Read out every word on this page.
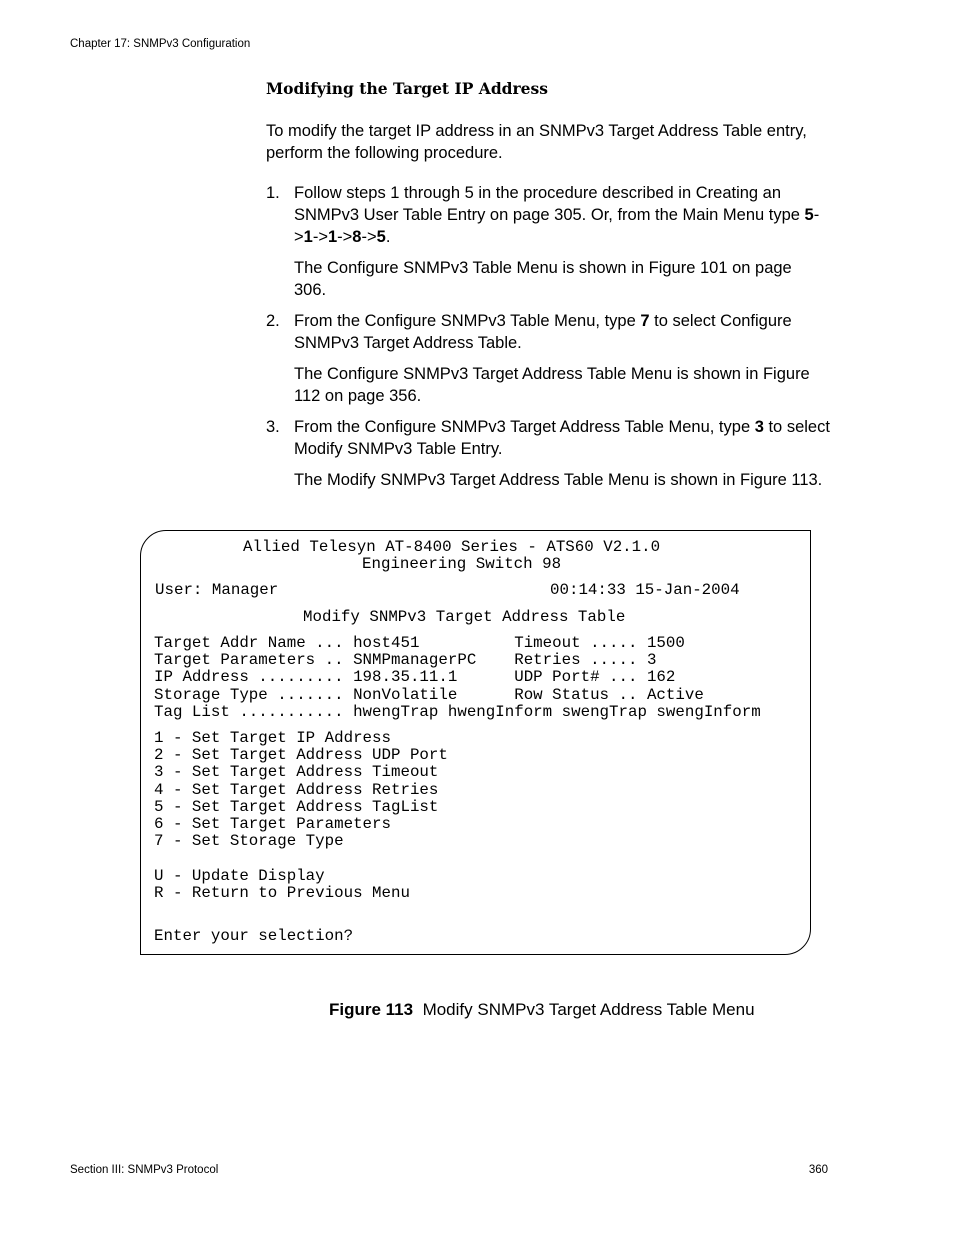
Chapter 17: SNMPv3 Configuration
Modifying the Target IP Address
To modify the target IP address in an SNMPv3 Target Address Table entry, perform the following procedure.
1. Follow steps 1 through 5 in the procedure described in Creating an SNMPv3 User Table Entry on page 305. Or, from the Main Menu type 5->1->1->8->5.
The Configure SNMPv3 Table Menu is shown in Figure 101 on page 306.
2. From the Configure SNMPv3 Table Menu, type 7 to select Configure SNMPv3 Target Address Table.
The Configure SNMPv3 Target Address Table Menu is shown in Figure 112 on page 356.
3. From the Configure SNMPv3 Target Address Table Menu, type 3 to select Modify SNMPv3 Table Entry.
The Modify SNMPv3 Target Address Table Menu is shown in Figure 113.
Allied Telesyn AT-8400 Series - ATS60 V2.1.0
Engineering Switch 98
User: Manager	00:14:33 15-Jan-2004
Modify SNMPv3 Target Address Table
Target Addr Name ... host451          Timeout ..... 1500
Target Parameters .. SNMPmanagerPC    Retries ..... 3
IP Address ......... 198.35.11.1      UDP Port# ... 162
Storage Type ....... NonVolatile      Row Status .. Active
Tag List ........... hwengTrap hwengInform swengTrap swengInform
1 - Set Target IP Address
2 - Set Target Address UDP Port
3 - Set Target Address Timeout
4 - Set Target Address Retries
5 - Set Target Address TagList
6 - Set Target Parameters
7 - Set Storage Type
U - Update Display
R - Return to Previous Menu
Enter your selection?
Figure 113 Modify SNMPv3 Target Address Table Menu
Section III: SNMPv3 Protocol	360
